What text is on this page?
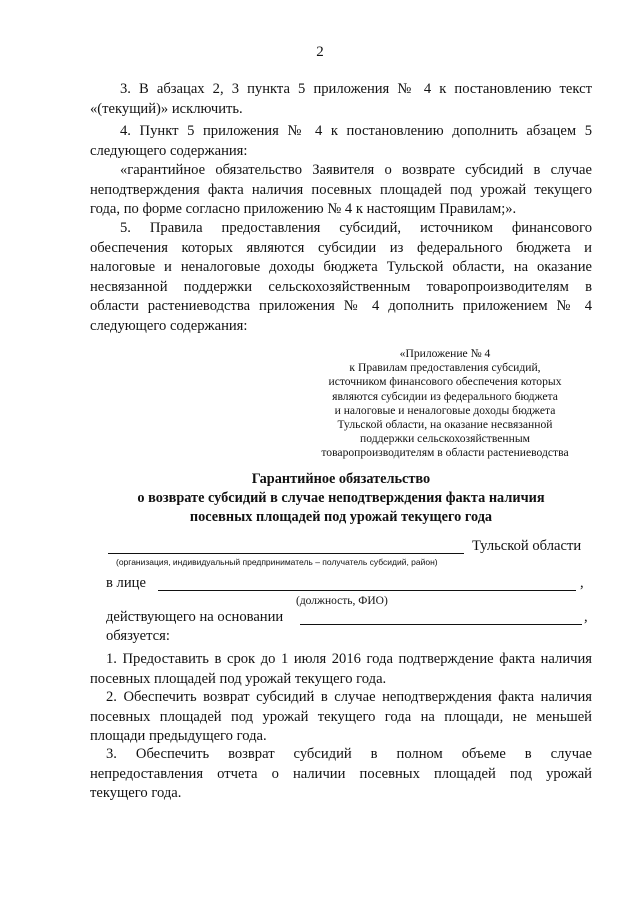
2
3. В абзацах 2, 3 пункта 5 приложения № 4 к постановлению текст
«(текущий)» исключить.
4. Пункт 5 приложения № 4 к постановлению дополнить абзацем 5
следующего содержания:
«гарантийное обязательство Заявителя о возврате субсидий в случае
неподтверждения факта наличия посевных площадей под урожай текущего
года, по форме согласно приложению № 4 к настоящим Правилам;».
5. Правила предоставления субсидий, источником финансового
обеспечения которых являются субсидии из федерального бюджета и
налоговые и неналоговые доходы бюджета Тульской области, на оказание
несвязанной поддержки сельскохозяйственным товаропроизводителям в
области растениеводства приложения № 4 дополнить приложением № 4
следующего содержания:
«Приложение № 4
к Правилам предоставления субсидий,
источником финансового обеспечения которых
являются субсидии из федерального бюджета
и налоговые и неналоговые доходы бюджета
Тульской области, на оказание несвязанной
поддержки сельскохозяйственным
товаропроизводителям в области растениеводства
Гарантийное обязательство
о возврате субсидий в случае неподтверждения факта наличия
посевных площадей под урожай текущего года
Тульской области
(организация, индивидуальный предприниматель – получатель субсидий, район)
в лице	,
(должность, ФИО)
действующего на основании	,
обязуется:
1. Предоставить в срок до 1 июля 2016 года подтверждение факта наличия
посевных площадей под урожай текущего года.
2. Обеспечить возврат субсидий в случае неподтверждения факта наличия
посевных площадей под урожай текущего года на площади, не меньшей
площади предыдущего года.
3. Обеспечить возврат субсидий в полном объеме в случае
непредоставления отчета о наличии посевных площадей под урожай
текущего года.
